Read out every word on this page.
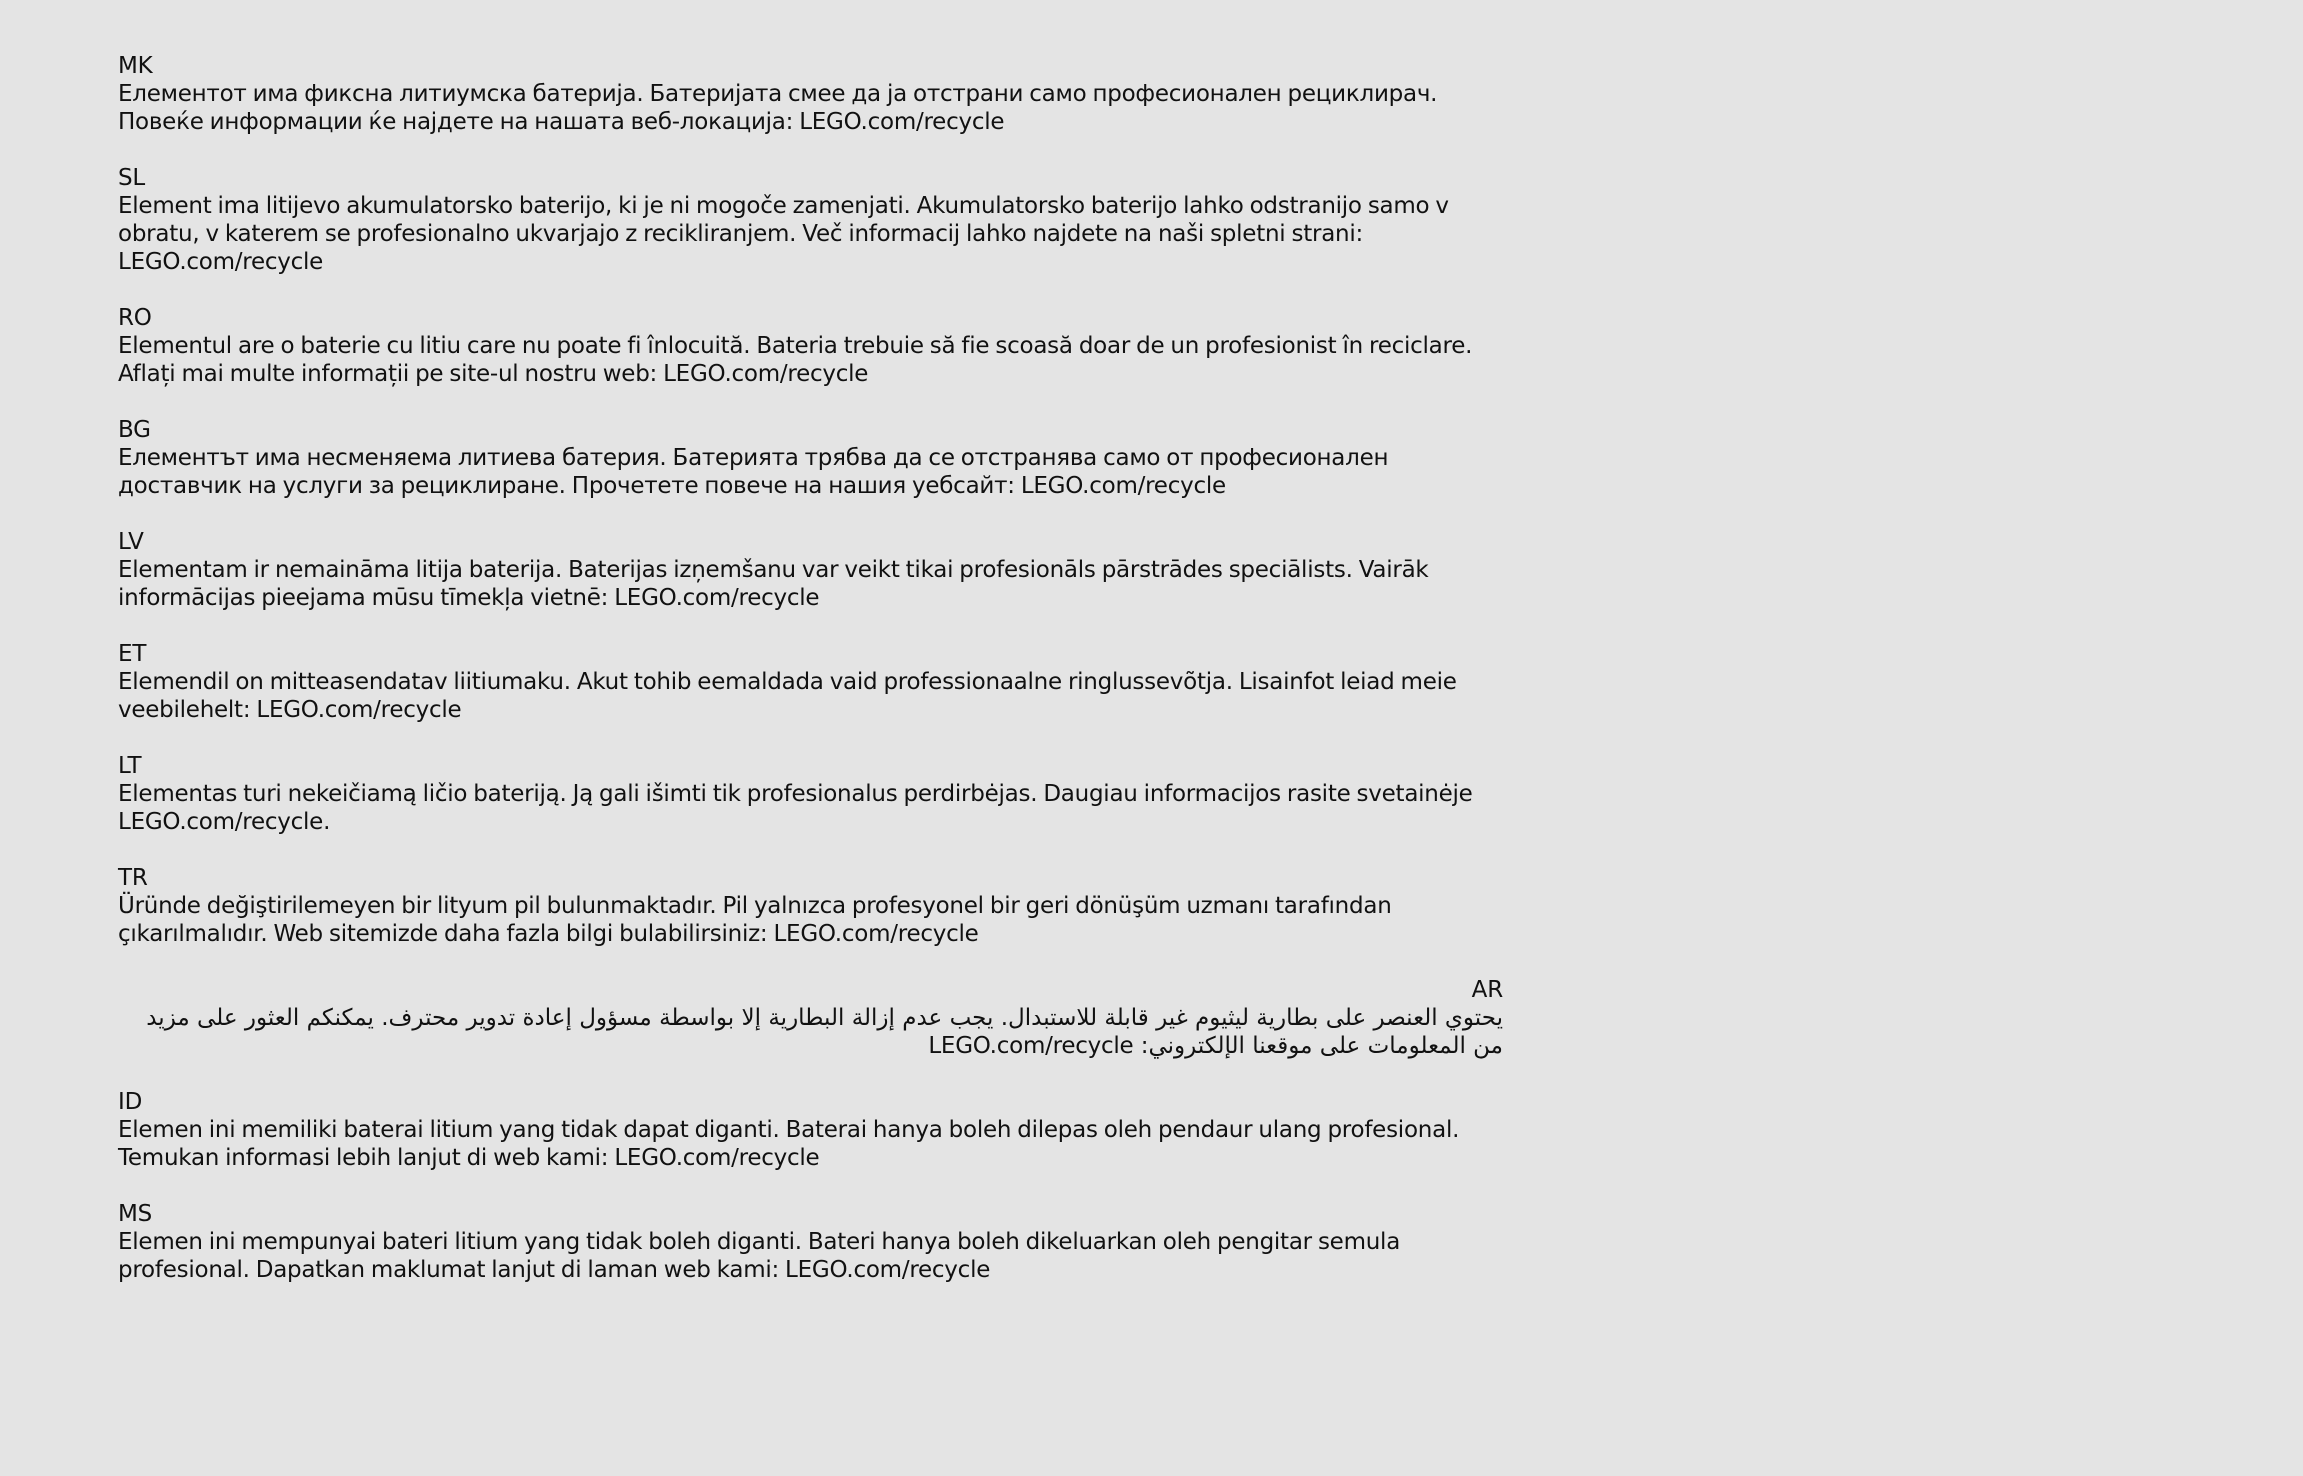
MK
Елементот има фиксна литиумска батерија. Батеријата смее да ја отстрани само професионален рециклирач. Повеќе информации ќе најдете на нашата веб-локација: LEGO.com/recycle
SL
Element ima litijevo akumulatorsko baterijo, ki je ni mogoče zamenjati. Akumulatorsko baterijo lahko odstranijo samo v obratu, v katerem se profesionalno ukvarjajo z recikliranjem. Več informacij lahko najdete na naši spletni strani: LEGO.com/recycle
RO
Elementul are o baterie cu litiu care nu poate fi înlocuită. Bateria trebuie să fie scoasă doar de un profesionist în reciclare. Aflați mai multe informații pe site-ul nostru web: LEGO.com/recycle
BG
Елементът има несменяема литиева батерия. Батерията трябва да се отстранява само от професионален доставчик на услуги за рециклиране. Прочетете повече на нашия уебсайт: LEGO.com/recycle
LV
Elementam ir nemaināma litija baterija. Baterijas izņemšanu var veikt tikai profesionāls pārstrādes speciālists. Vairāk informācijas pieejama mūsu tīmekļa vietnē: LEGO.com/recycle
ET
Elemendil on mitteasendatav liitiumaku. Akut tohib eemaldada vaid professionaalne ringlussevõtja. Lisainfot leiad meie veebilehelt: LEGO.com/recycle
LT
Elementas turi nekeičiamą ličio bateriją. Ją gali išimti tik profesionalus perdirbėjas. Daugiau informacijos rasite svetainėje LEGO.com/recycle.
TR
Üründe değiştirilemeyen bir lityum pil bulunmaktadır. Pil yalnızca profesyonel bir geri dönüşüm uzmanı tarafından çıkarılmalıdır. Web sitemizde daha fazla bilgi bulabilirsiniz: LEGO.com/recycle
AR
يحتوي العنصر على بطارية ليثيوم غير قابلة للاستبدال. يجب عدم إزالة البطارية إلا بواسطة مسؤول إعادة تدوير محترف. يمكنكم العثور على مزيد من المعلومات على موقعنا الإلكتروني: LEGO.com/recycle
ID
Elemen ini memiliki baterai litium yang tidak dapat diganti. Baterai hanya boleh dilepas oleh pendaur ulang profesional. Temukan informasi lebih lanjut di web kami: LEGO.com/recycle
MS
Elemen ini mempunyai bateri litium yang tidak boleh diganti. Bateri hanya boleh dikeluarkan oleh pengitar semula profesional. Dapatkan maklumat lanjut di laman web kami: LEGO.com/recycle
